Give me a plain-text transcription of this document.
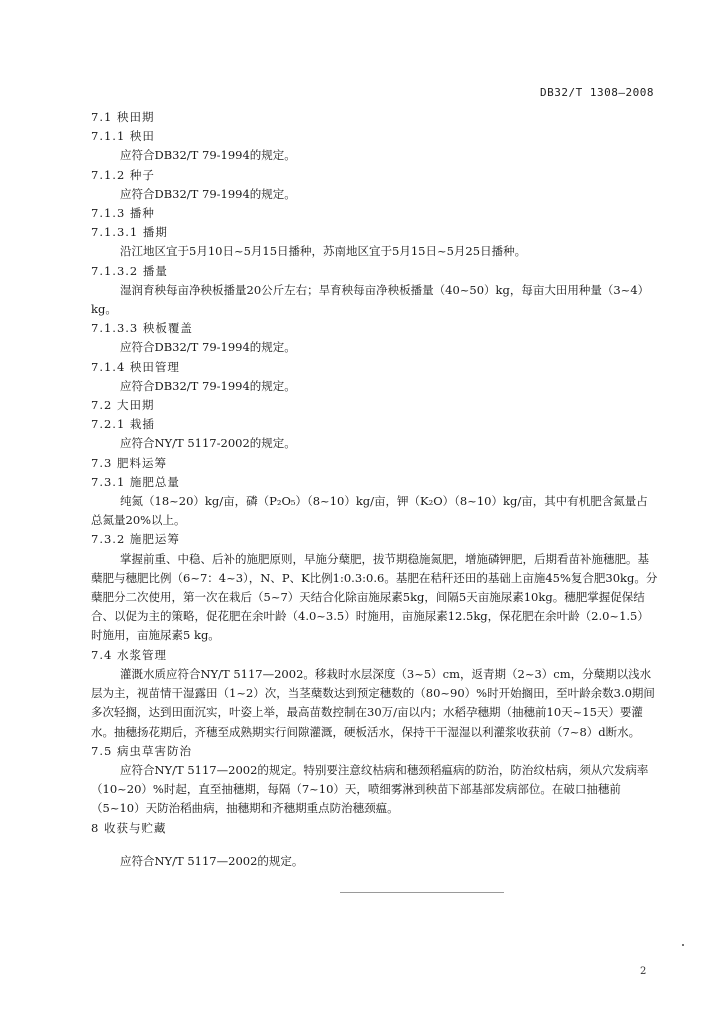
DB32/T 1308—2008
7.1 秧田期
7.1.1 秧田
应符合DB32/T 79-1994的规定。
7.1.2 种子
应符合DB32/T 79-1994的规定。
7.1.3 播种
7.1.3.1 播期
沿江地区宜于5月10日~5月15日播种，苏南地区宜于5月15日~5月25日播种。
7.1.3.2 播量
湿润育秧每亩净秧板播量20公斤左右；旱育秧每亩净秧板播量（40~50）kg，每亩大田用种量（3~4）kg。
7.1.3.3 秧板覆盖
应符合DB32/T 79-1994的规定。
7.1.4 秧田管理
应符合DB32/T 79-1994的规定。
7.2 大田期
7.2.1 栽插
应符合NY/T 5117-2002的规定。
7.3 肥料运筹
7.3.1 施肥总量
纯氮（18~20）kg/亩，磷（P₂O₅）（8~10）kg/亩，钾（K₂O）（8~10）kg/亩，其中有机肥含氮量占总氮量20%以上。
7.3.2 施肥运筹
掌握前重、中稳、后补的施肥原则，早施分蘖肥，拔节期稳施氮肥，增施磷钾肥，后期看苗补施穗肥。基蘖肥与穗肥比例（6~7：4~3），N、P、K比例1:0.3:0.6。基肥在秸秆还田的基础上亩施45%复合肥30kg。分蘖肥分二次使用，第一次在栽后（5~7）天结合化除亩施尿素5kg，间隔5天亩施尿素10kg。穗肥掌握促保结合、以促为主的策略，促花肥在余叶龄（4.0~3.5）时施用，亩施尿素12.5kg，保花肥在余叶龄（2.0~1.5）时施用，亩施尿素5 kg。
7.4 水浆管理
灌溉水质应符合NY/T 5117—2002。移栽时水层深度（3~5）cm，返青期（2~3）cm，分蘖期以浅水层为主，视苗情干湿露田（1~2）次，当茎蘖数达到预定穗数的（80~90）%时开始搁田，至叶龄余数3.0期间多次轻搁，达到田面沉实，叶姿上举，最高苗数控制在30万/亩以内；水稻孕穗期（抽穗前10天~15天）要灌水。抽穗扬花期后，齐穗至成熟期实行间隙灌溉，硬板活水，保持干干湿湿以利灌浆收获前（7~8）d断水。
7.5 病虫草害防治
应符合NY/T 5117—2002的规定。特别要注意纹枯病和穗颈稻瘟病的防治，防治纹枯病，须从穴发病率（10~20）%时起，直至抽穗期，每隔（7~10）天，喷细雾淋到秧苗下部基部发病部位。在破口抽穗前（5~10）天防治稻曲病，抽穗期和齐穗期重点防治穗颈瘟。
8 收获与贮藏
应符合NY/T 5117—2002的规定。
2
